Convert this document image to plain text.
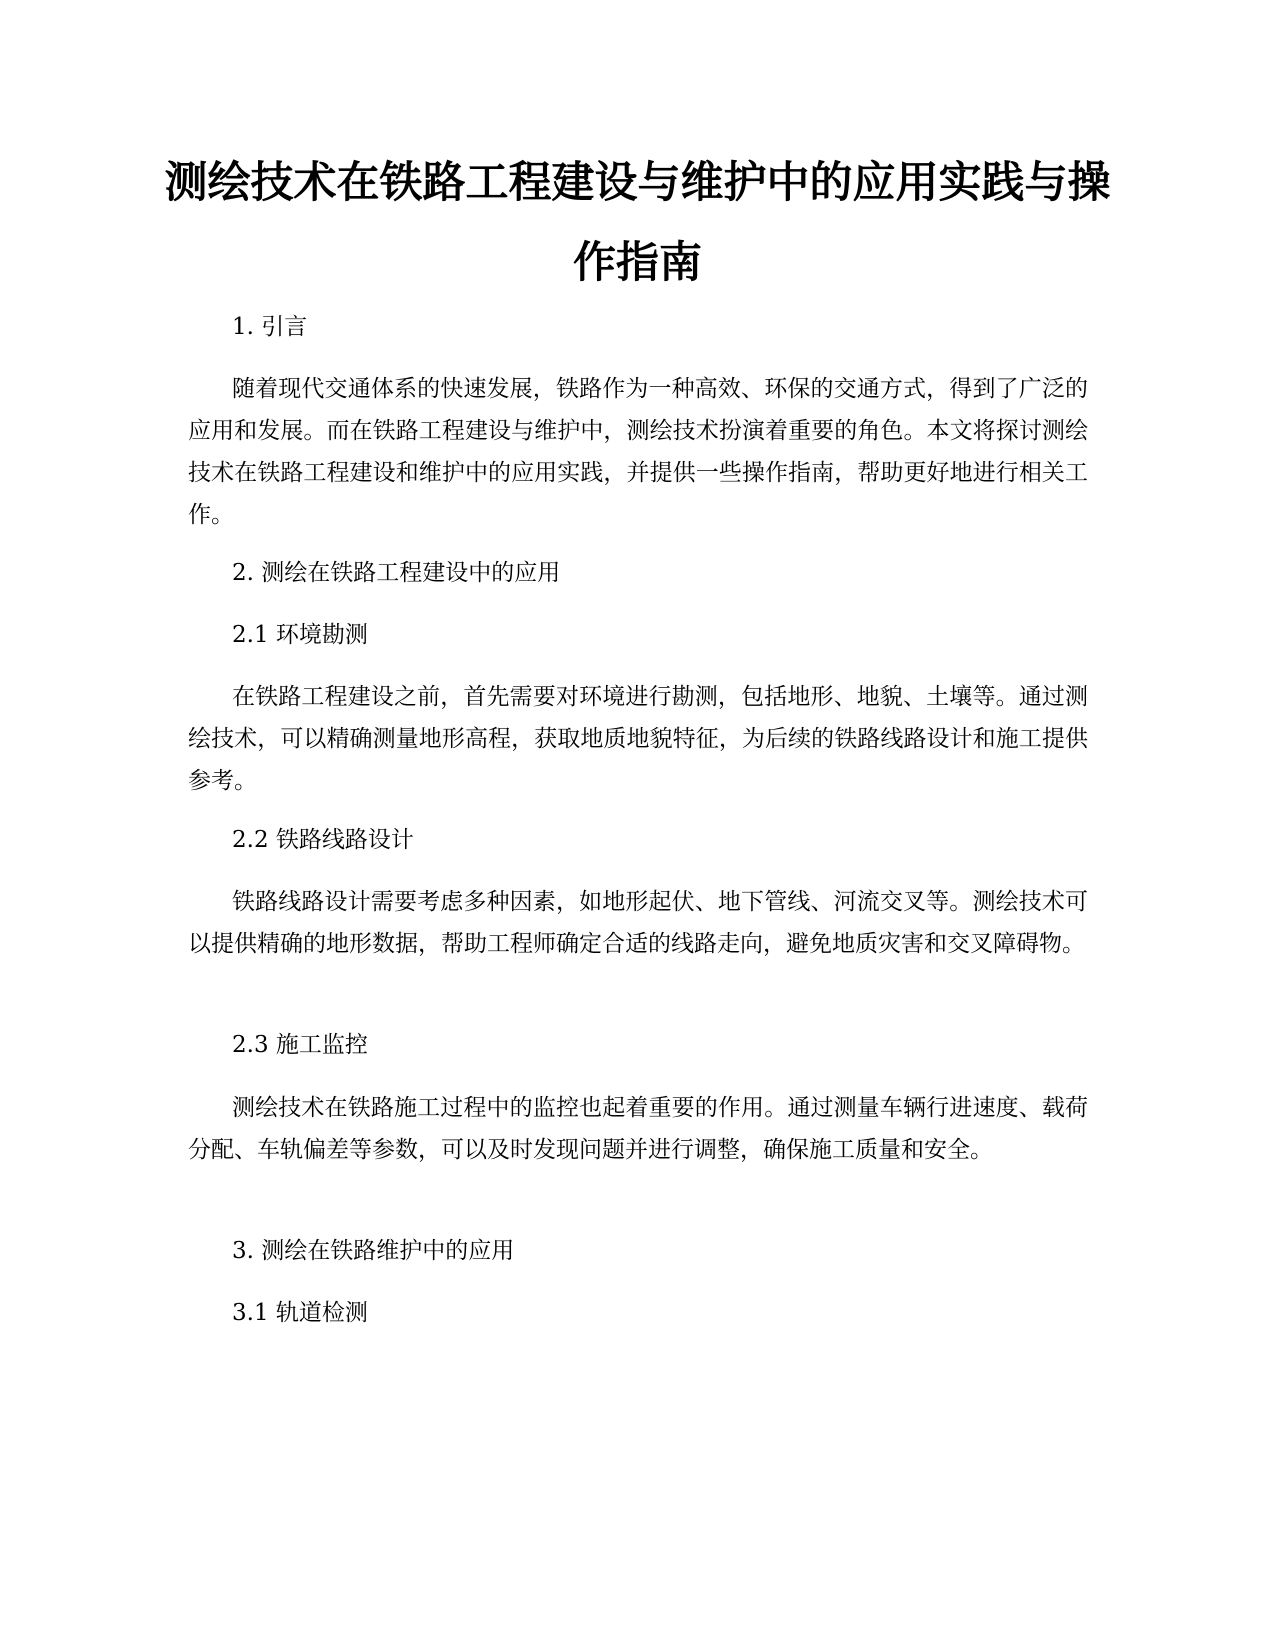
测绘技术在铁路工程建设与维护中的应用实践与操作指南

1. 引言

随着现代交通体系的快速发展，铁路作为一种高效、环保的交通方式，得到了广泛的应用和发展。而在铁路工程建设与维护中，测绘技术扮演着重要的角色。本文将探讨测绘技术在铁路工程建设和维护中的应用实践，并提供一些操作指南，帮助更好地进行相关工作。

2. 测绘在铁路工程建设中的应用

2.1 环境勘测

在铁路工程建设之前，首先需要对环境进行勘测，包括地形、地貌、土壤等。通过测绘技术，可以精确测量地形高程，获取地质地貌特征，为后续的铁路线路设计和施工提供参考。

2.2 铁路线路设计

铁路线路设计需要考虑多种因素，如地形起伏、地下管线、河流交叉等。测绘技术可以提供精确的地形数据，帮助工程师确定合适的线路走向，避免地质灾害和交叉障碍物。

2.3 施工监控

测绘技术在铁路施工过程中的监控也起着重要的作用。通过测量车辆行进速度、载荷分配、车轨偏差等参数，可以及时发现问题并进行调整，确保施工质量和安全。

3. 测绘在铁路维护中的应用

3.1 轨道检测
